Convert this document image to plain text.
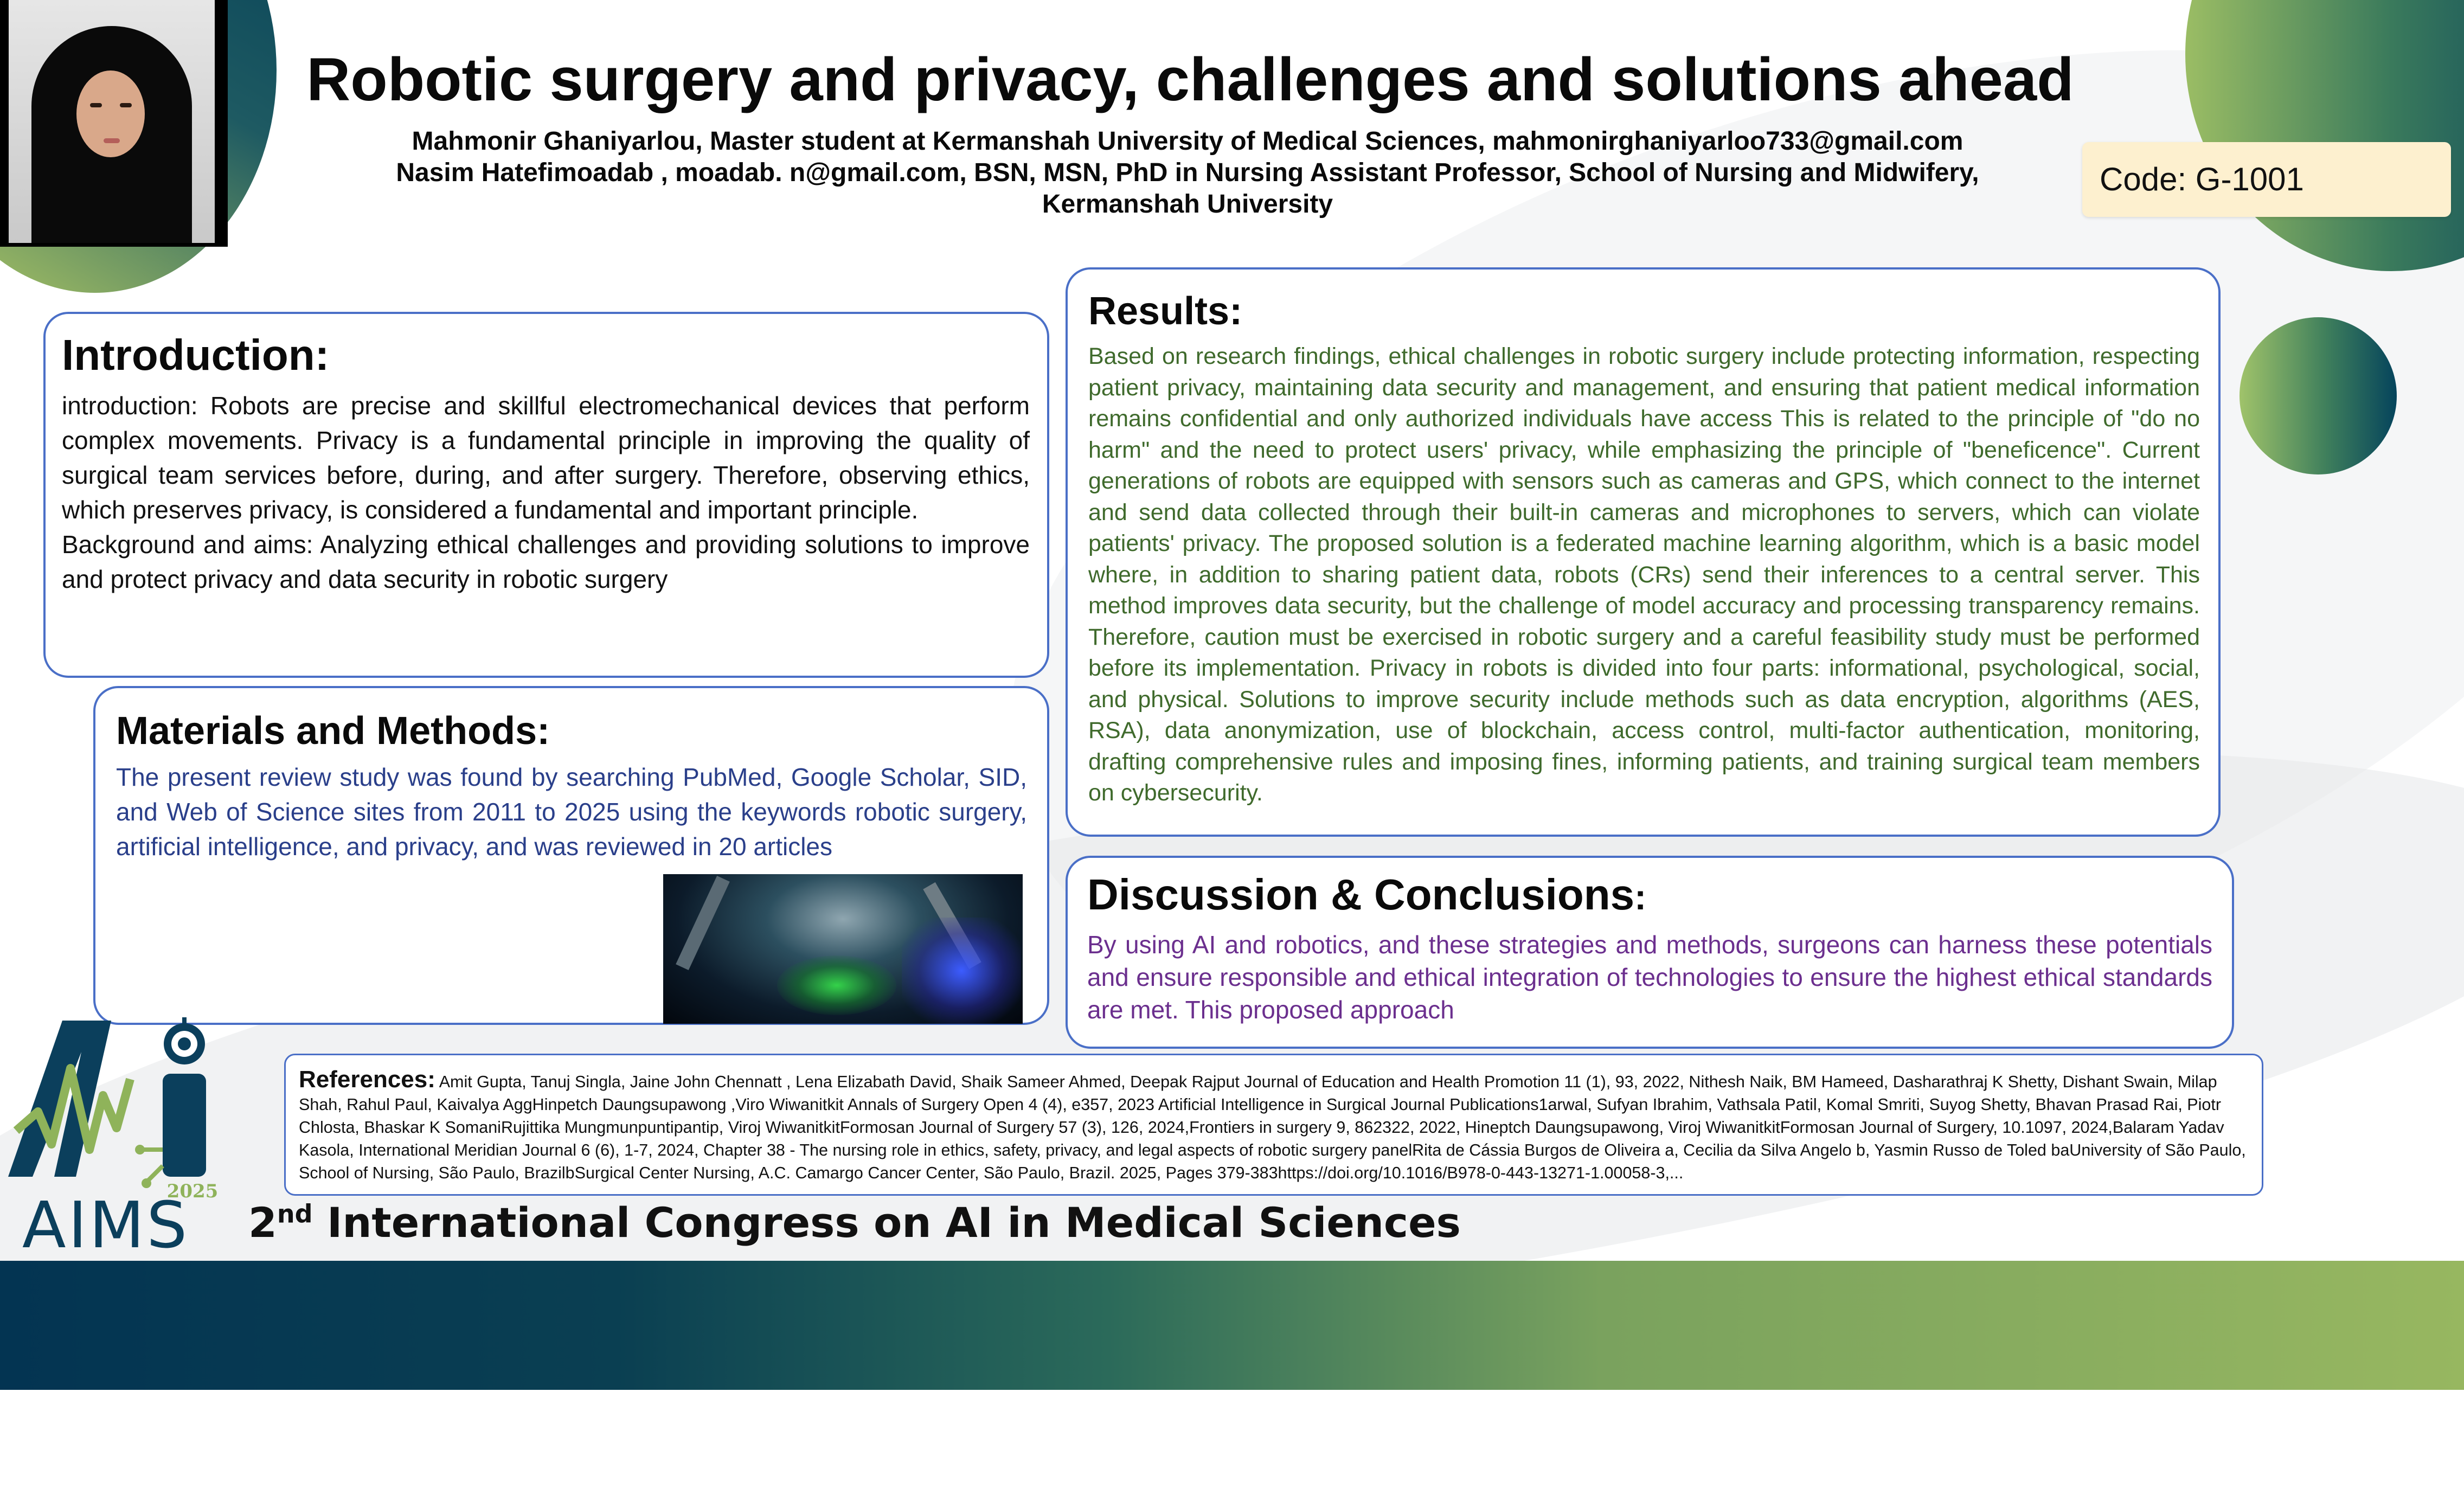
Robotic surgery and privacy, challenges and solutions ahead
Mahmonir Ghaniyarlou, Master student at Kermanshah University of Medical Sciences, mahmonirghaniyarloo733@gmail.com
Nasim Hatefimoadab , moadab. n@gmail.com, BSN, MSN, PhD in Nursing Assistant Professor, School of Nursing and Midwifery,
Kermanshah University
Code: G-1001
Introduction:

introduction: Robots are precise and skillful electromechanical devices that perform complex movements. Privacy is a fundamental principle in improving the quality of surgical team services before, during, and after surgery. Therefore, observing ethics, which preserves privacy, is considered a fundamental and important principle.

Background and aims: Analyzing ethical challenges and providing solutions to improve and protect privacy and data security in robotic surgery

Materials and Methods:

The present review study was found by searching PubMed, Google Scholar, SID, and Web of Science sites from 2011 to 2025 using the keywords robotic surgery, artificial intelligence, and privacy, and was reviewed in 20 articles

Results:

Based on research findings, ethical challenges in robotic surgery include protecting information, respecting patient privacy, maintaining data security and management, and ensuring that patient medical information remains confidential and only authorized individuals have access This is related to the principle of "do no harm" and the need to protect users' privacy, while emphasizing the principle of "beneficence". Current generations of robots are equipped with sensors such as cameras and GPS, which connect to the internet and send data collected through their built-in cameras and microphones to servers, which can violate patients' privacy. The proposed solution is a federated machine learning algorithm, which is a basic model where, in addition to sharing patient data, robots (CRs) send their inferences to a central server. This method improves data security, but the challenge of model accuracy and processing transparency remains. Therefore, caution must be exercised in robotic surgery and a careful feasibility study must be performed before its implementation. Privacy in robots is divided into four parts: informational, psychological, social, and physical. Solutions to improve security include methods such as data encryption, algorithms (AES, RSA), data anonymization, use of blockchain, access control, multi-factor authentication, monitoring, drafting comprehensive rules and imposing fines, informing patients, and training surgical team members on cybersecurity.

Discussion & Conclusions:

By using AI and robotics, and these strategies and methods, surgeons can harness these potentials and ensure responsible and ethical integration of technologies to ensure the highest ethical standards are met. This proposed approach

References: Amit Gupta, Tanuj Singla, Jaine John Chennatt , Lena Elizabath David, Shaik Sameer Ahmed, Deepak Rajput Journal of Education and Health Promotion 11 (1), 93, 2022, Nithesh Naik, BM Hameed, Dasharathraj K Shetty, Dishant Swain, Milap Shah, Rahul Paul, Kaivalya AggHinpetch Daungsupawong ,Viro Wiwanitkit Annals of Surgery Open 4 (4), e357, 2023 Artificial Intelligence in Surgical Journal Publications1arwal, Sufyan Ibrahim, Vathsala Patil, Komal Smriti, Suyog Shetty, Bhavan Prasad Rai, Piotr Chlosta, Bhaskar K SomaniRujittika Mungmunpuntipantip, Viroj WiwanitkitFormosan Journal of Surgery 57 (3), 126, 2024,Frontiers in surgery 9, 862322, 2022, Hineptch Daungsupawong, Viroj WiwanitkitFormosan Journal of Surgery, 10.1097, 2024,Balaram Yadav Kasola, International Meridian Journal 6 (6), 1-7, 2024, Chapter 38 - The nursing role in ethics, safety, privacy, and legal aspects of robotic surgery panelRita de Cássia Burgos de Oliveira a, Cecilia da Silva Angelo b, Yasmin Russo de Toled baUniversity of São Paulo, School of Nursing, São Paulo, BrazilbSurgical Center Nursing, A.C. Camargo Cancer Center, São Paulo, Brazil. 2025, Pages 379-383https://doi.org/10.1016/B978-0-443-13271-1.00058-3,...

2025
AIMS 2nd International Congress on AI in Medical Sciences
